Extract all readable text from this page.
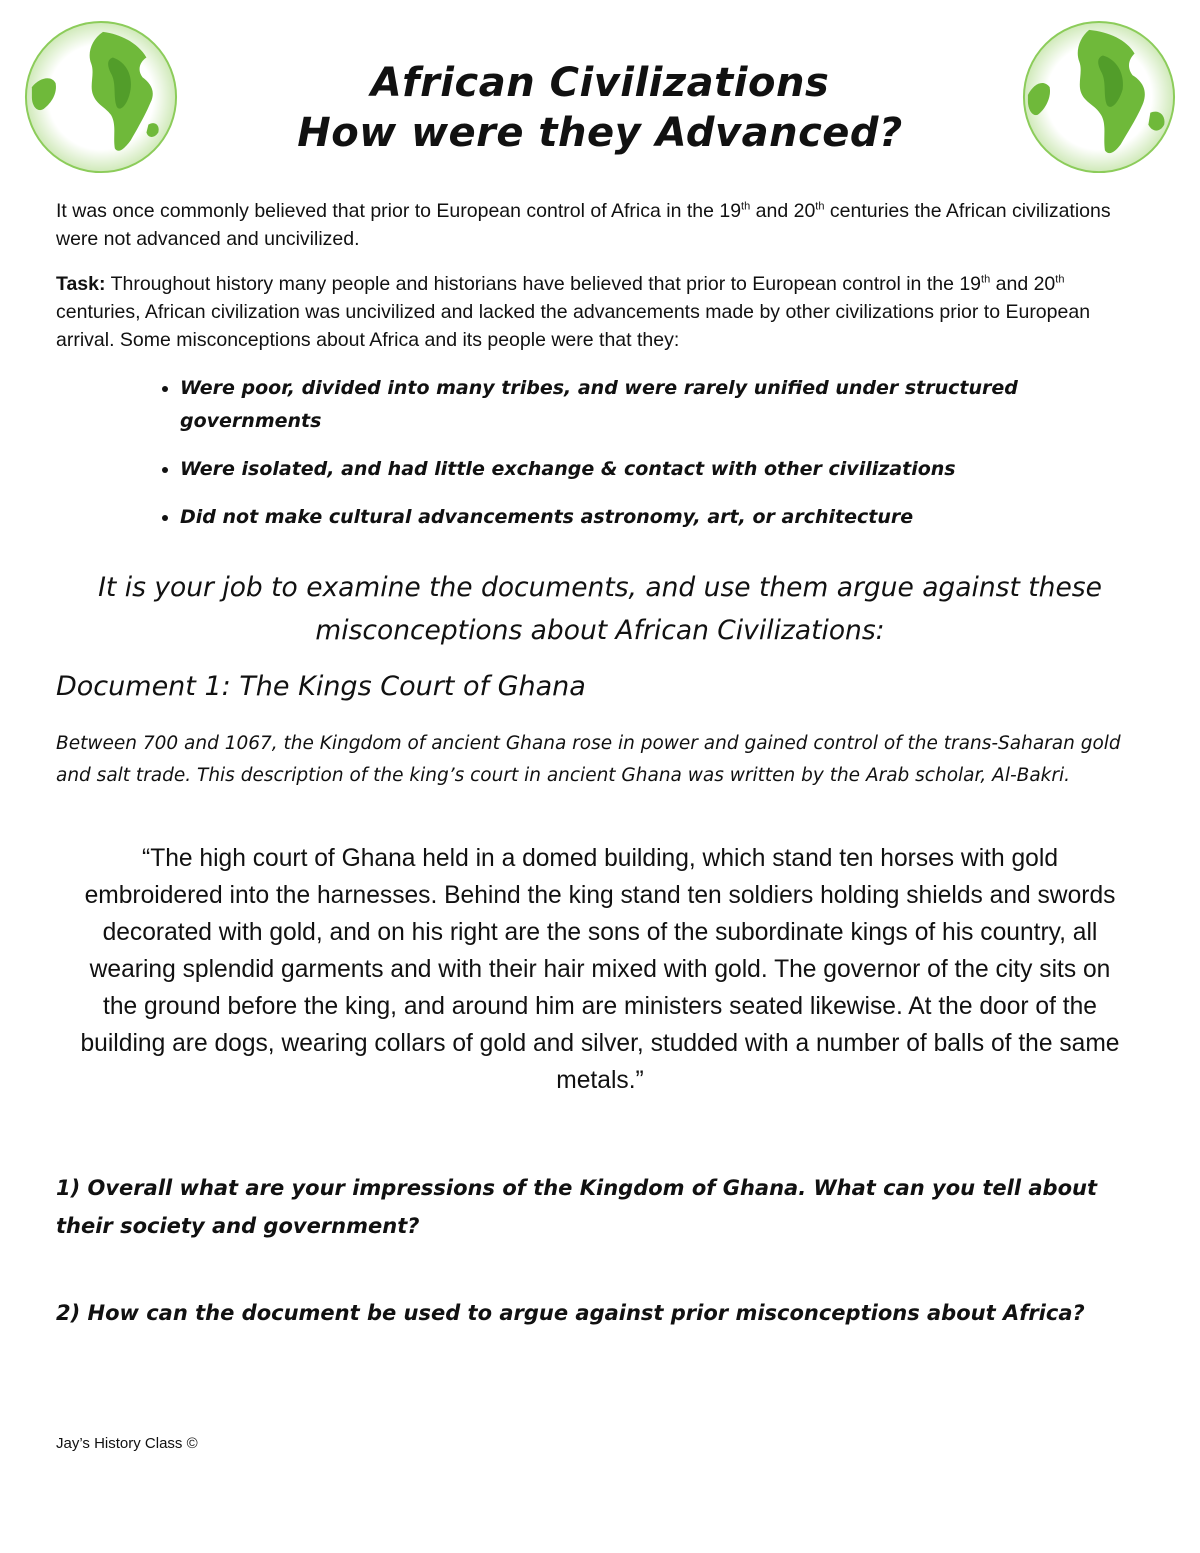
African Civilizations
How were they Advanced?
It was once commonly believed that prior to European control of Africa in the 19th and 20th centuries the African civilizations were not advanced and uncivilized.
Task: Throughout history many people and historians have believed that prior to European control in the 19th and 20th centuries, African civilization was uncivilized and lacked the advancements made by other civilizations prior to European arrival. Some misconceptions about Africa and its people were that they:
• Were poor, divided into many tribes, and were rarely unified under structured governments
• Were isolated, and had little exchange & contact with other civilizations
• Did not make cultural advancements astronomy, art, or architecture
It is your job to examine the documents, and use them argue against these
misconceptions about African Civilizations:
Document 1: The Kings Court of Ghana
Between 700 and 1067, the Kingdom of ancient Ghana rose in power and gained control of the trans-Saharan gold and salt trade. This description of the king’s court in ancient Ghana was written by the Arab scholar, Al-Bakri.
“The high court of Ghana held in a domed building, which stand ten horses with gold embroidered into the harnesses. Behind the king stand ten soldiers holding shields and swords decorated with gold, and on his right are the sons of the subordinate kings of his country, all wearing splendid garments and with their hair mixed with gold. The governor of the city sits on the ground before the king, and around him are ministers seated likewise. At the door of the building are dogs, wearing collars of gold and silver, studded with a number of balls of the same metals.”
1) Overall what are your impressions of the Kingdom of Ghana. What can you tell about their society and government?
2) How can the document be used to argue against prior misconceptions about Africa?
Jay’s History Class ©
